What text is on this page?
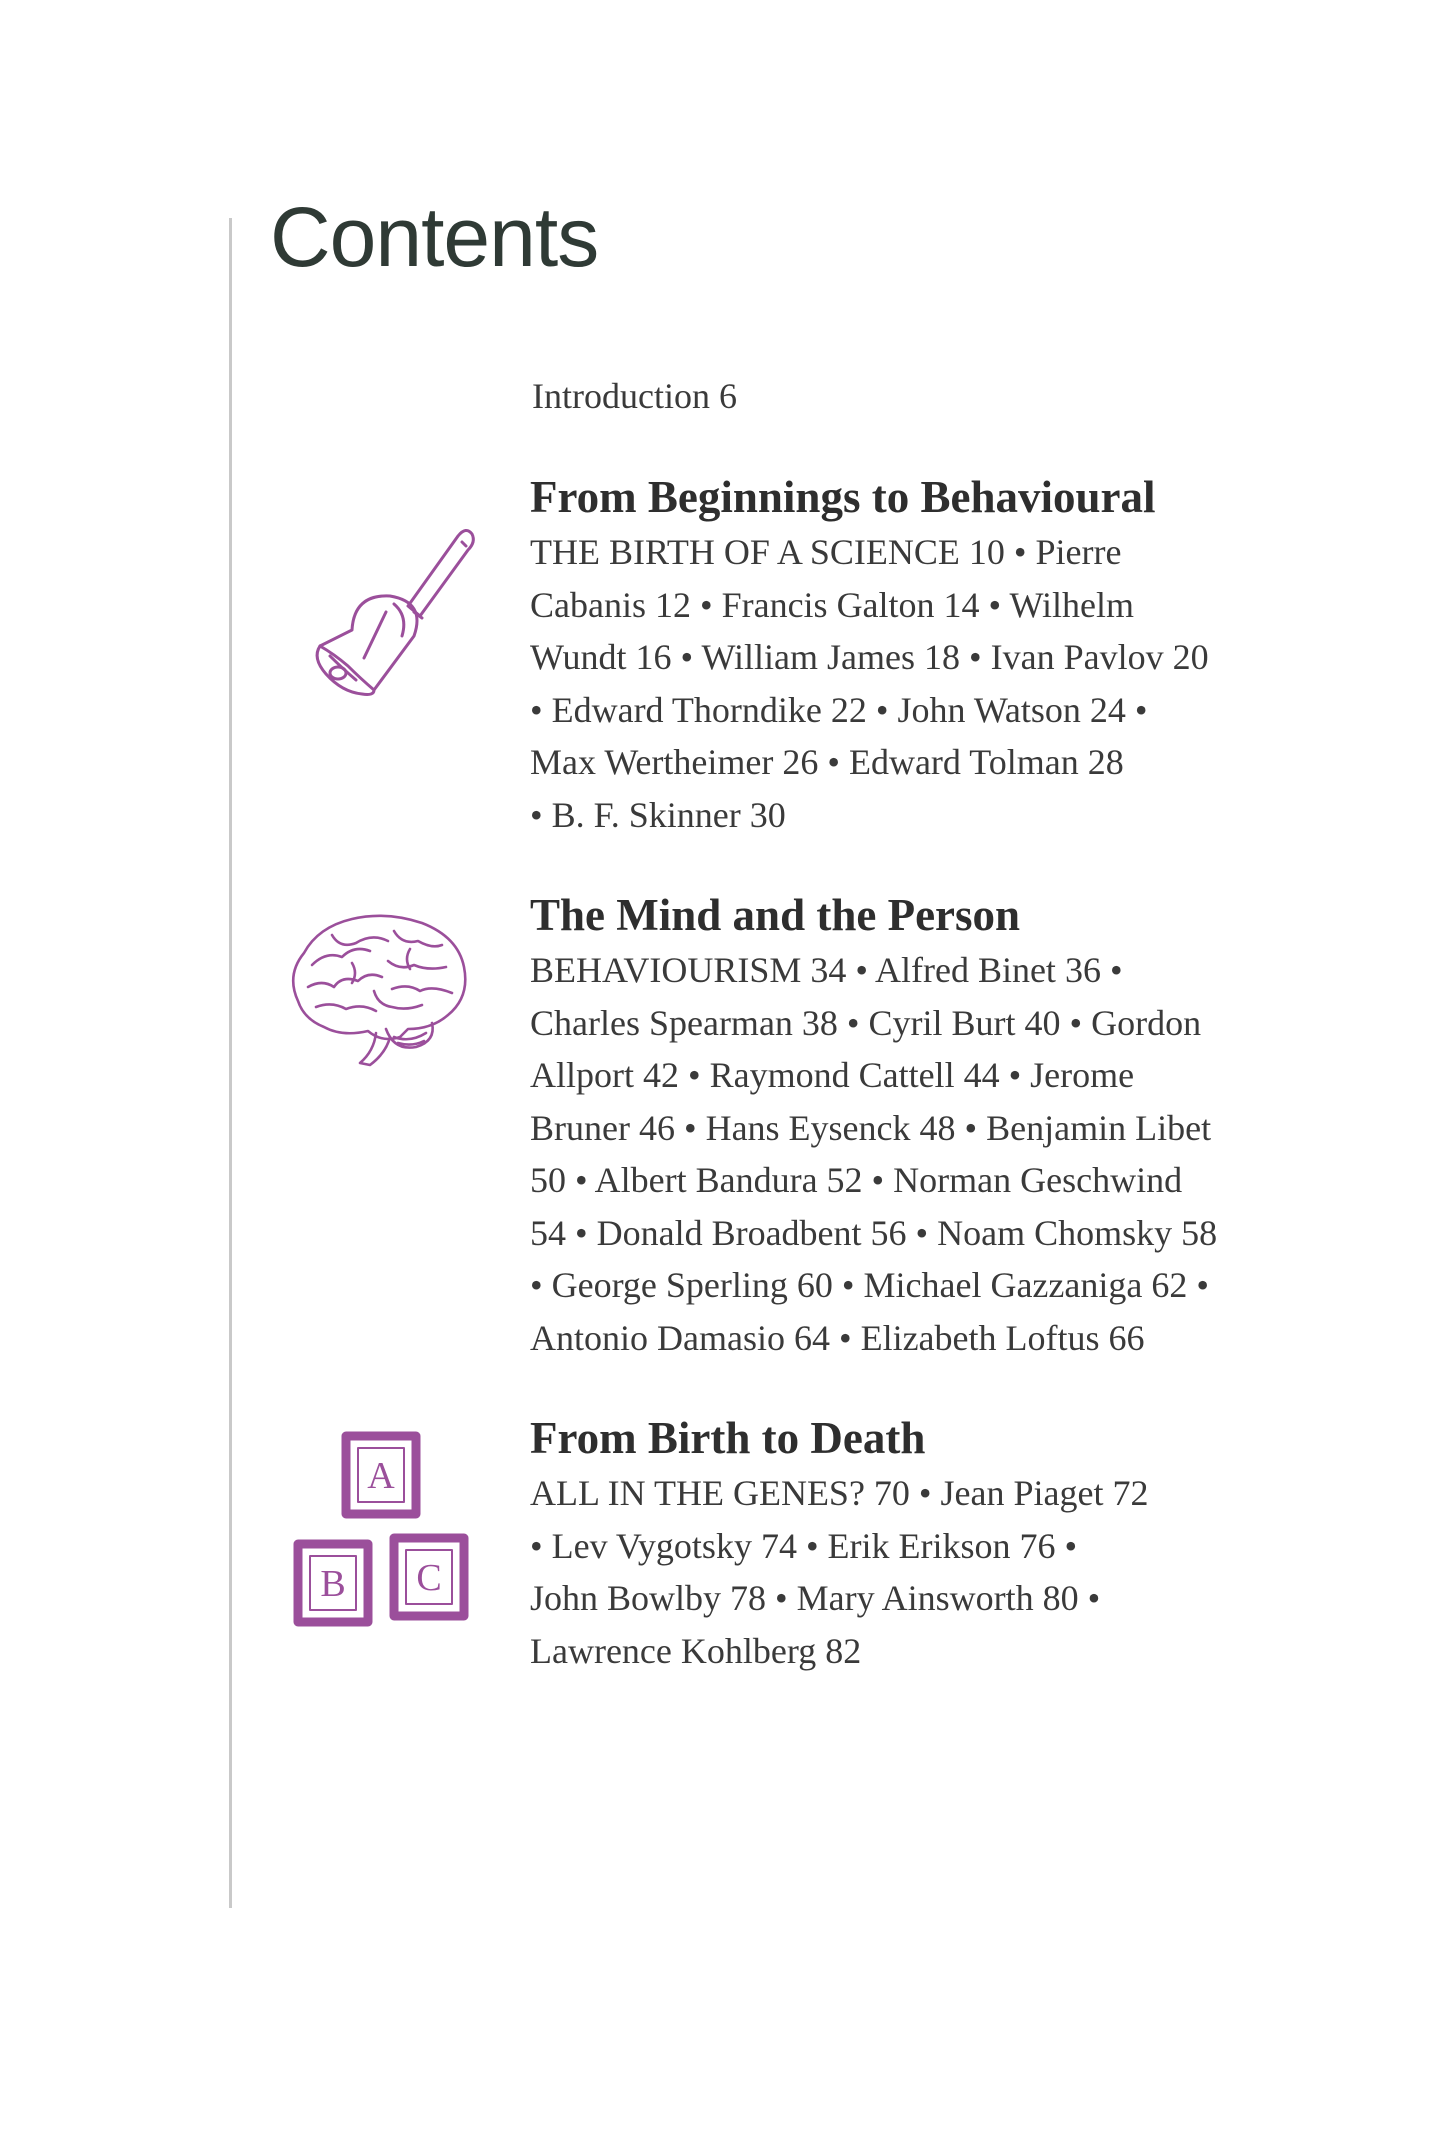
Contents
Introduction 6
From Beginnings to Behavioural

THE BIRTH OF A SCIENCE 10 • Pierre
Cabanis 12 • Francis Galton 14 • Wilhelm
Wundt 16 • William James 18 • Ivan Pavlov 20
• Edward Thorndike 22 • John Watson 24 •
Max Wertheimer 26 • Edward Tolman 28
• B. F. Skinner 30

The Mind and the Person

BEHAVIOURISM 34 • Alfred Binet 36 •
Charles Spearman 38 • Cyril Burt 40 • Gordon
Allport 42 • Raymond Cattell 44 • Jerome
Bruner 46 • Hans Eysenck 48 • Benjamin Libet
50 • Albert Bandura 52 • Norman Geschwind
54 • Donald Broadbent 56 • Noam Chomsky 58
• George Sperling 60 • Michael Gazzaniga 62 •
Antonio Damasio 64 • Elizabeth Loftus 66

A
B C
From Birth to Death

ALL IN THE GENES? 70 • Jean Piaget 72
• Lev Vygotsky 74 • Erik Erikson 76 •
John Bowlby 78 • Mary Ainsworth 80 •
Lawrence Kohlberg 82
